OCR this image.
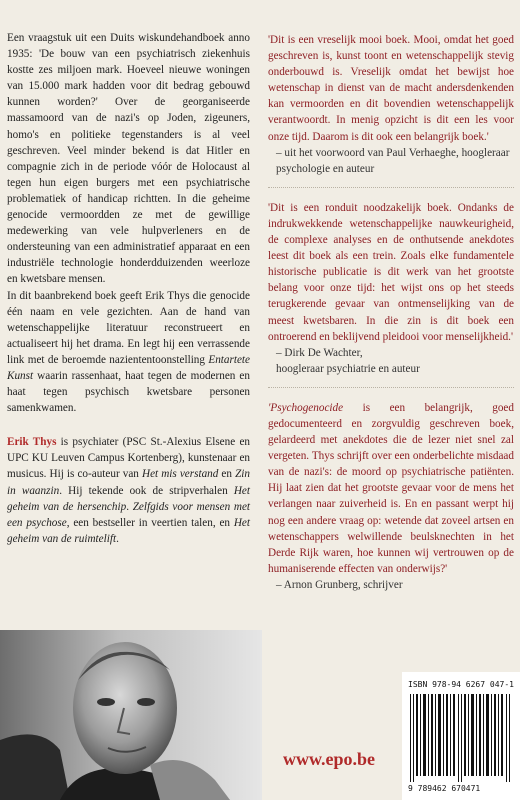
Een vraagstuk uit een Duits wiskundehandboek anno 1935: 'De bouw van een psychiatrisch ziekenhuis kostte zes miljoen mark. Hoeveel nieuwe woningen van 15.000 mark hadden voor dit bedrag gebouwd kunnen worden?' Over de georganiseerde massamoord van de nazi's op Joden, zigeuners, homo's en politieke tegenstanders is al veel geschreven. Veel minder bekend is dat Hitler en compagnie zich in de periode vóór de Holocaust al tegen hun eigen burgers met een psychiatrische problematiek of handicap richtten. In die geheime genocide vermoordden ze met de gewillige medewerking van vele hulpverleners en de ondersteuning van een administratief apparaat en een industriële technologie honderdduizenden weerloze en kwetsbare mensen.

In dit baanbrekend boek geeft Erik Thys die genocide één naam en vele gezichten. Aan de hand van wetenschappelijke literatuur reconstrueert en actualiseert hij het drama. En legt hij een verrassende link met de beroemde naziententoonstelling Entartete Kunst waarin rassenhaat, haat tegen de modernen en haat tegen psychisch kwetsbare personen samenkwamen.

Erik Thys is psychiater (PSC St.-Alexius Elsene en UPC KU Leuven Campus Kortenberg), kunstenaar en musicus. Hij is co-auteur van Het mis verstand en Zin in waanzin. Hij tekende ook de stripverhalen Het geheim van de hersenchip. Zelfgids voor mensen met een psychose, een bestseller in veertien talen, en Het geheim van de ruimtelift.

'Dit is een vreselijk mooi boek. Mooi, omdat het goed geschreven is, kunst toont en wetenschappelijk stevig onderbouwd is. Vreselijk omdat het bewijst hoe wetenschap in dienst van de macht andersdenkenden kan vermoorden en dit bovendien wetenschappelijk verantwoordt. In menig opzicht is dit een les voor onze tijd. Daarom is dit ook een belangrijk boek.'

– uit het voorwoord van Paul Verhaeghe, hoogleraar psychologie en auteur

'Dit is een ronduit noodzakelijk boek. Ondanks de indrukwekkende wetenschappelijke nauwkeurigheid, de complexe analyses en de onthutsende anekdotes leest dit boek als een trein. Zoals elke fundamentele historische publicatie is dit werk van het grootste belang voor onze tijd: het wijst ons op het steeds terugkerende gevaar van ontmenselijking van de meest kwetsbaren. In die zin is dit boek een ontroerend en beklijvend pleidooi voor menselijkheid.'

– Dirk De Wachter,

hoogleraar psychiatrie en auteur

'Psychogenocide is een belangrijk, goed gedocumenteerd en zorgvuldig geschreven boek, gelardeerd met anekdotes die de lezer niet snel zal vergeten. Thys schrijft over een onderbelichte misdaad van de nazi's: de moord op psychiatrische patiënten. Hij laat zien dat het grootste gevaar voor de mens het verlangen naar zuiverheid is. En en passant werpt hij nog een andere vraag op: wetende dat zoveel artsen en wetenschappers welwillende beulsknechten in het Derde Rijk waren, hoe kunnen wij vertrouwen op de humaniserende effecten van onderwijs?'

– Arnon Grunberg, schrijver

www.epo.be
ISBN 978-94 6267 047-1
9 789462 670471
